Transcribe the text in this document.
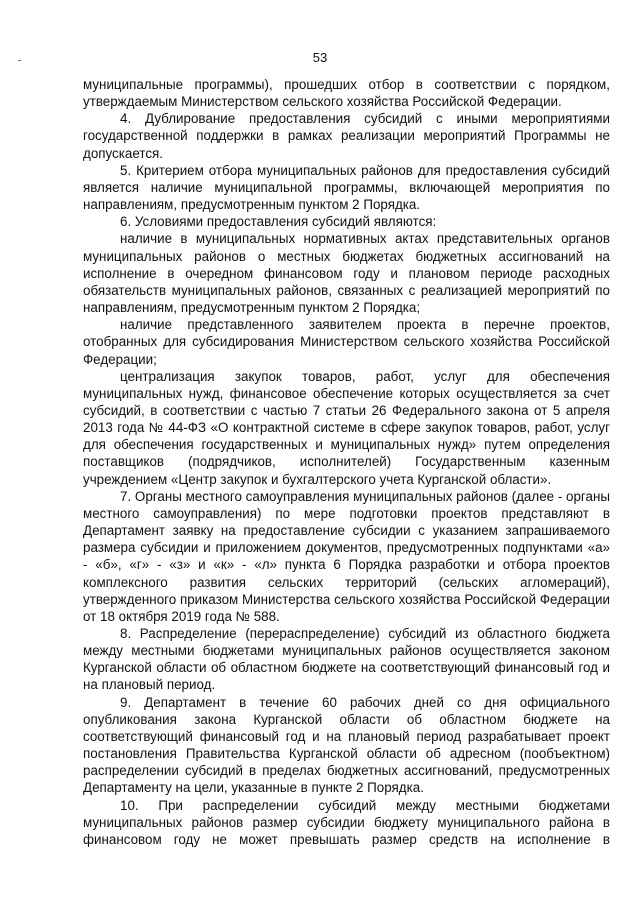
53

муниципальные программы), прошедших отбор в соответствии с порядком, утверждаемым Министерством сельского хозяйства Российской Федерации.

4. Дублирование предоставления субсидий с иными мероприятиями государственной поддержки в рамках реализации мероприятий Программы не допускается.

5. Критерием отбора муниципальных районов для предоставления субсидий является наличие муниципальной программы, включающей мероприятия по направлениям, предусмотренным пунктом 2 Порядка.

6. Условиями предоставления субсидий являются:

наличие в муниципальных нормативных актах представительных органов муниципальных районов о местных бюджетах бюджетных ассигнований на исполнение в очередном финансовом году и плановом периоде расходных обязательств муниципальных районов, связанных с реализацией мероприятий по направлениям, предусмотренным пунктом 2 Порядка;

наличие представленного заявителем проекта в перечне проектов, отобранных для субсидирования Министерством сельского хозяйства Российской Федерации;

централизация закупок товаров, работ, услуг для обеспечения муниципальных нужд, финансовое обеспечение которых осуществляется за счет субсидий, в соответствии с частью 7 статьи 26 Федерального закона от 5 апреля 2013 года № 44-ФЗ «О контрактной системе в сфере закупок товаров, работ, услуг для обеспечения государственных и муниципальных нужд» путем определения поставщиков (подрядчиков, исполнителей) Государственным казенным учреждением «Центр закупок и бухгалтерского учета Курганской области».

7. Органы местного самоуправления муниципальных районов (далее - органы местного самоуправления) по мере подготовки проектов представляют в Департамент заявку на предоставление субсидии с указанием запрашиваемого размера субсидии и приложением документов, предусмотренных подпунктами «а» - «б», «г» - «з» и «к» - «л» пункта 6 Порядка разработки и отбора проектов комплексного развития сельских территорий (сельских агломераций), утвержденного приказом Министерства сельского хозяйства Российской Федерации от 18 октября 2019 года № 588.

8. Распределение (перераспределение) субсидий из областного бюджета между местными бюджетами муниципальных районов осуществляется законом Курганской области об областном бюджете на соответствующий финансовый год и на плановый период.

9. Департамент в течение 60 рабочих дней со дня официального опубликования закона Курганской области об областном бюджете на соответствующий финансовый год и на плановый период разрабатывает проект постановления Правительства Курганской области об адресном (пообъектном) распределении субсидий в пределах бюджетных ассигнований, предусмотренных Департаменту на цели, указанные в пункте 2 Порядка.

10. При распределении субсидий между местными бюджетами муниципальных районов размер субсидии бюджету муниципального района в финансовом году не может превышать размер средств на исполнение в
